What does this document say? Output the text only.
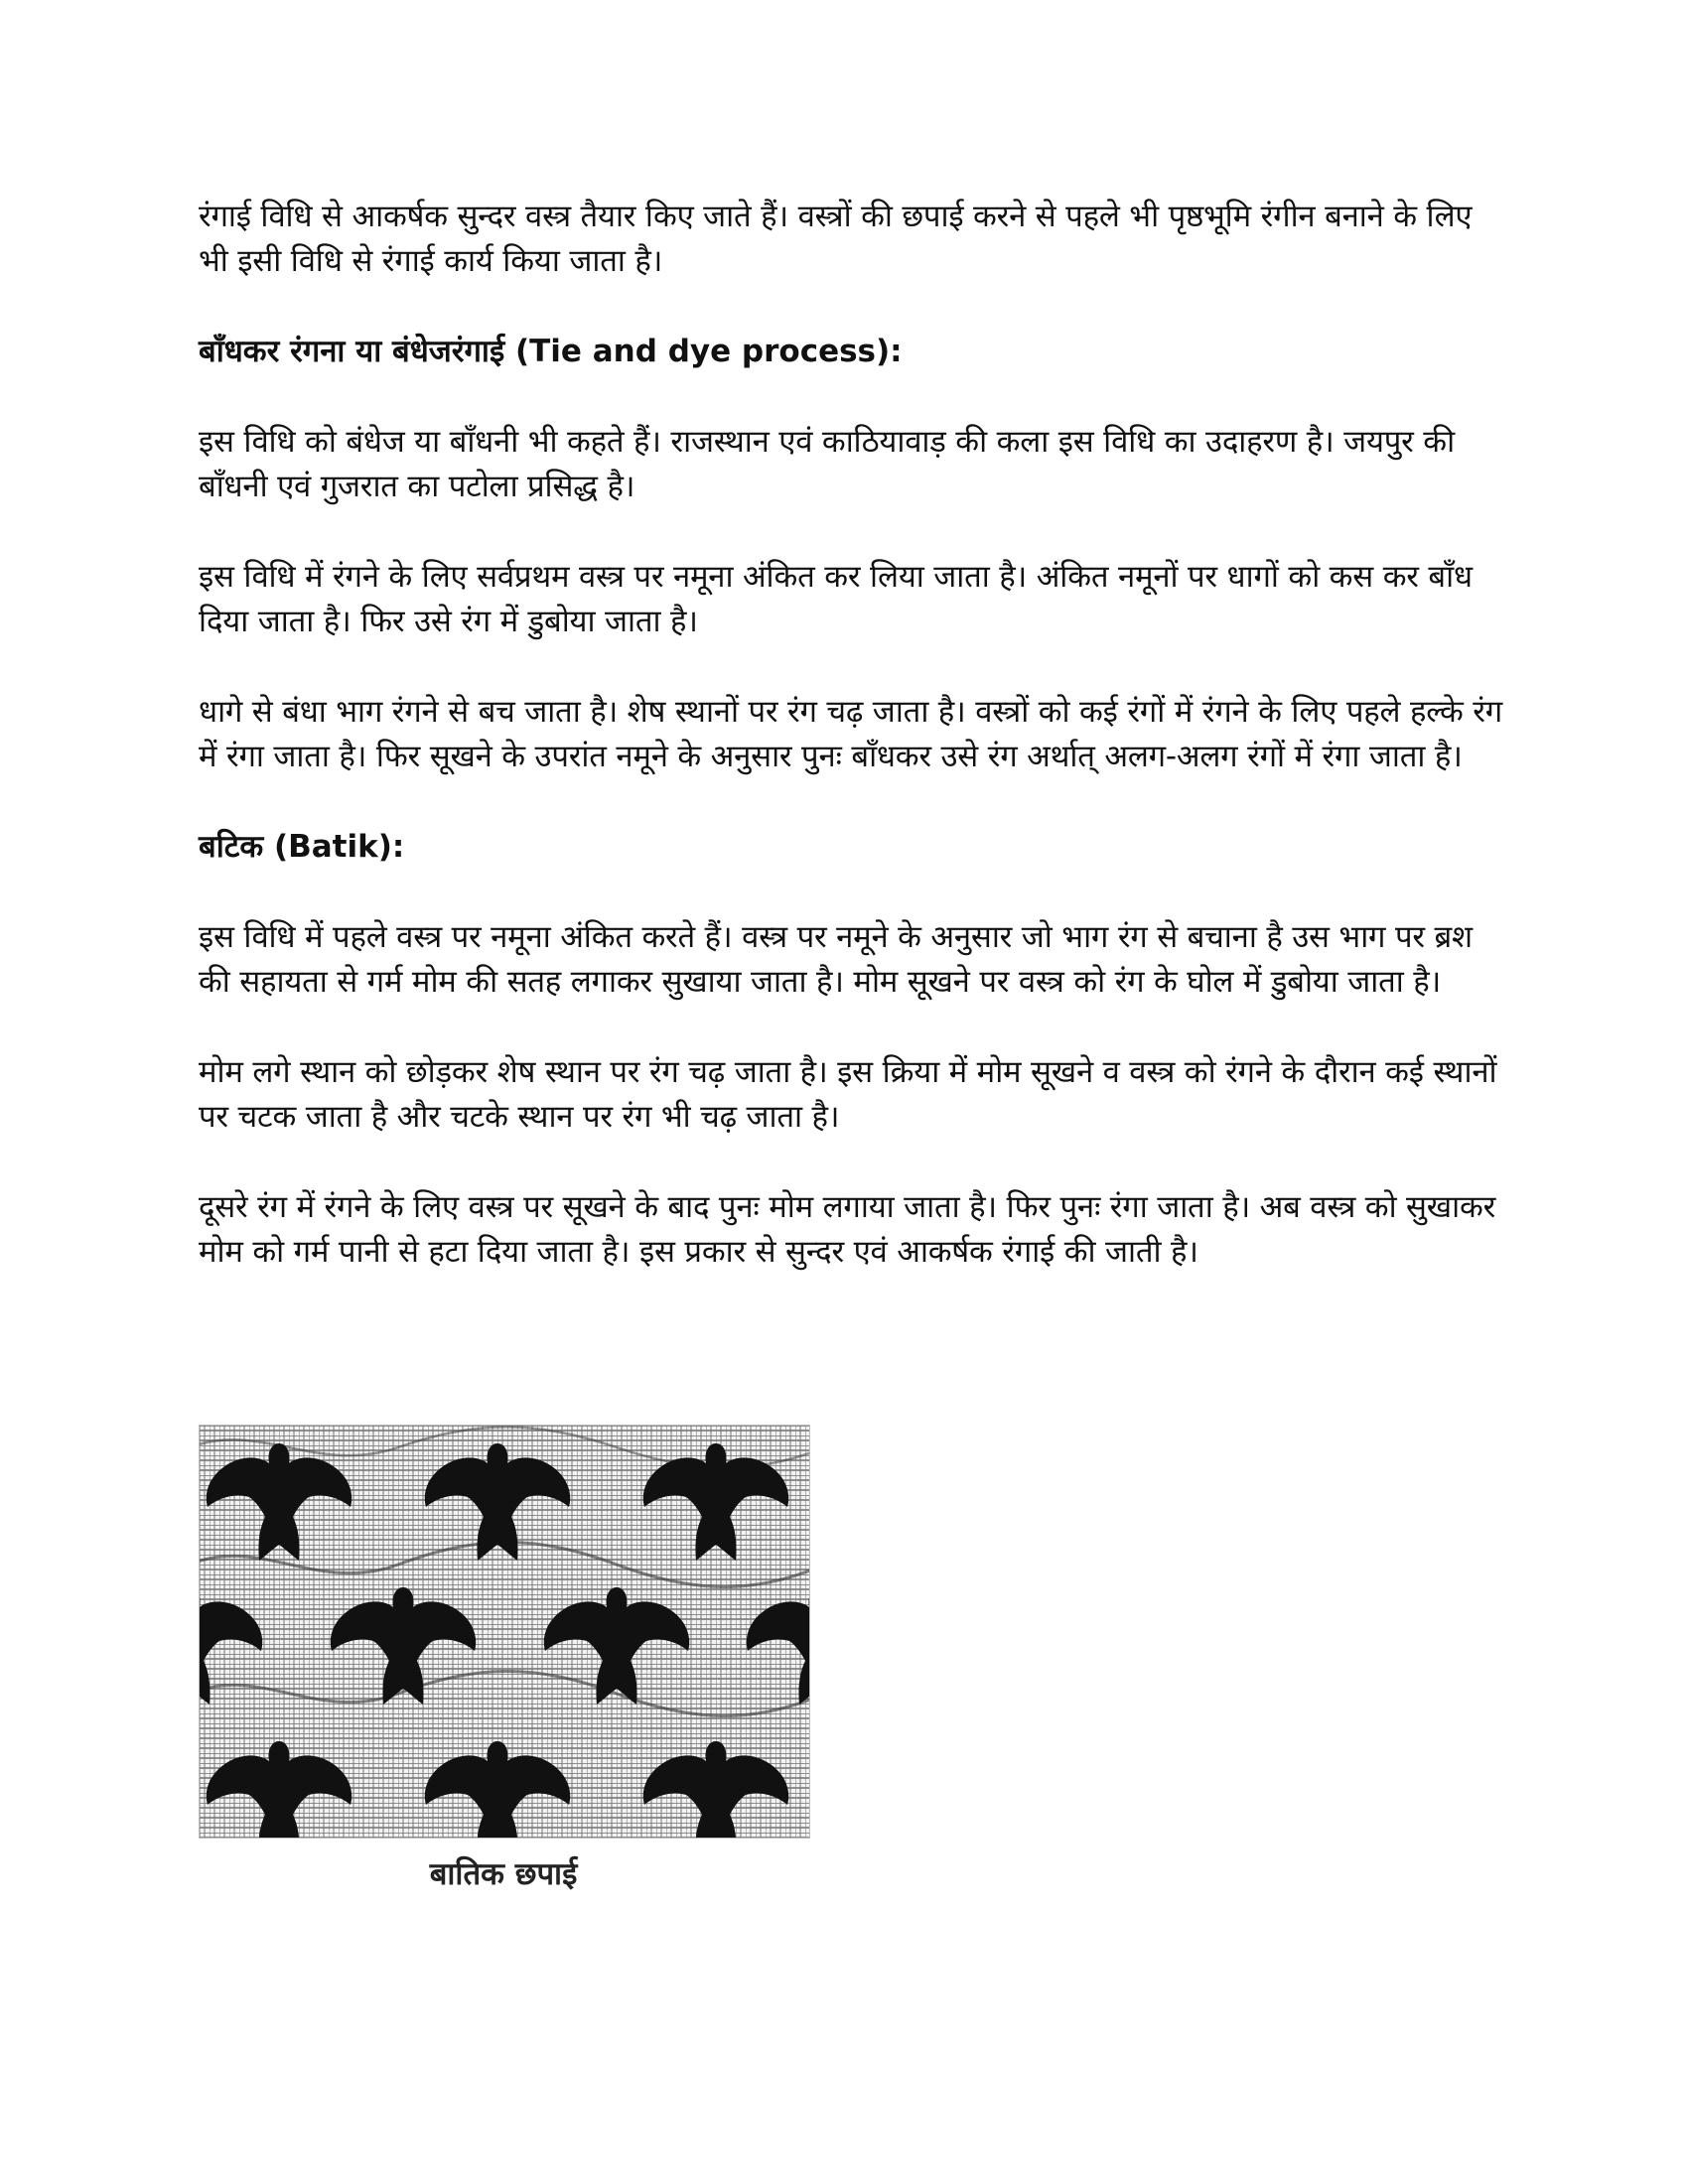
रंगाई विधि से आकर्षक सुन्दर वस्त्र तैयार किए जाते हैं। वस्त्रों की छपाई करने से पहले भी पृष्ठभूमि रंगीन बनाने के लिए भी इसी विधि से रंगाई कार्य किया जाता है।

बाँधकर रंगना या बंधेजरंगाई (Tie and dye process):

इस विधि को बंधेज या बाँधनी भी कहते हैं। राजस्थान एवं काठियावाड़ की कला इस विधि का उदाहरण है। जयपुर की बाँधनी एवं गुजरात का पटोला प्रसिद्ध है।

इस विधि में रंगने के लिए सर्वप्रथम वस्त्र पर नमूना अंकित कर लिया जाता है। अंकित नमूनों पर धागों को कस कर बाँध दिया जाता है। फिर उसे रंग में डुबोया जाता है।

धागे से बंधा भाग रंगने से बच जाता है। शेष स्थानों पर रंग चढ़ जाता है। वस्त्रों को कई रंगों में रंगने के लिए पहले हल्के रंग में रंगा जाता है। फिर सूखने के उपरांत नमूने के अनुसार पुनः बाँधकर उसे रंग अर्थात् अलग-अलग रंगों में रंगा जाता है।

बटिक (Batik):

इस विधि में पहले वस्त्र पर नमूना अंकित करते हैं। वस्त्र पर नमूने के अनुसार जो भाग रंग से बचाना है उस भाग पर ब्रश की सहायता से गर्म मोम की सतह लगाकर सुखाया जाता है। मोम सूखने पर वस्त्र को रंग के घोल में डुबोया जाता है।

मोम लगे स्थान को छोड़कर शेष स्थान पर रंग चढ़ जाता है। इस क्रिया में मोम सूखने व वस्त्र को रंगने के दौरान कई स्थानों पर चटक जाता है और चटके स्थान पर रंग भी चढ़ जाता है।

दूसरे रंग में रंगने के लिए वस्त्र पर सूखने के बाद पुनः मोम लगाया जाता है। फिर पुनः रंगा जाता है। अब वस्त्र को सुखाकर मोम को गर्म पानी से हटा दिया जाता है। इस प्रकार से सुन्दर एवं आकर्षक रंगाई की जाती है।

बातिक छपाई
